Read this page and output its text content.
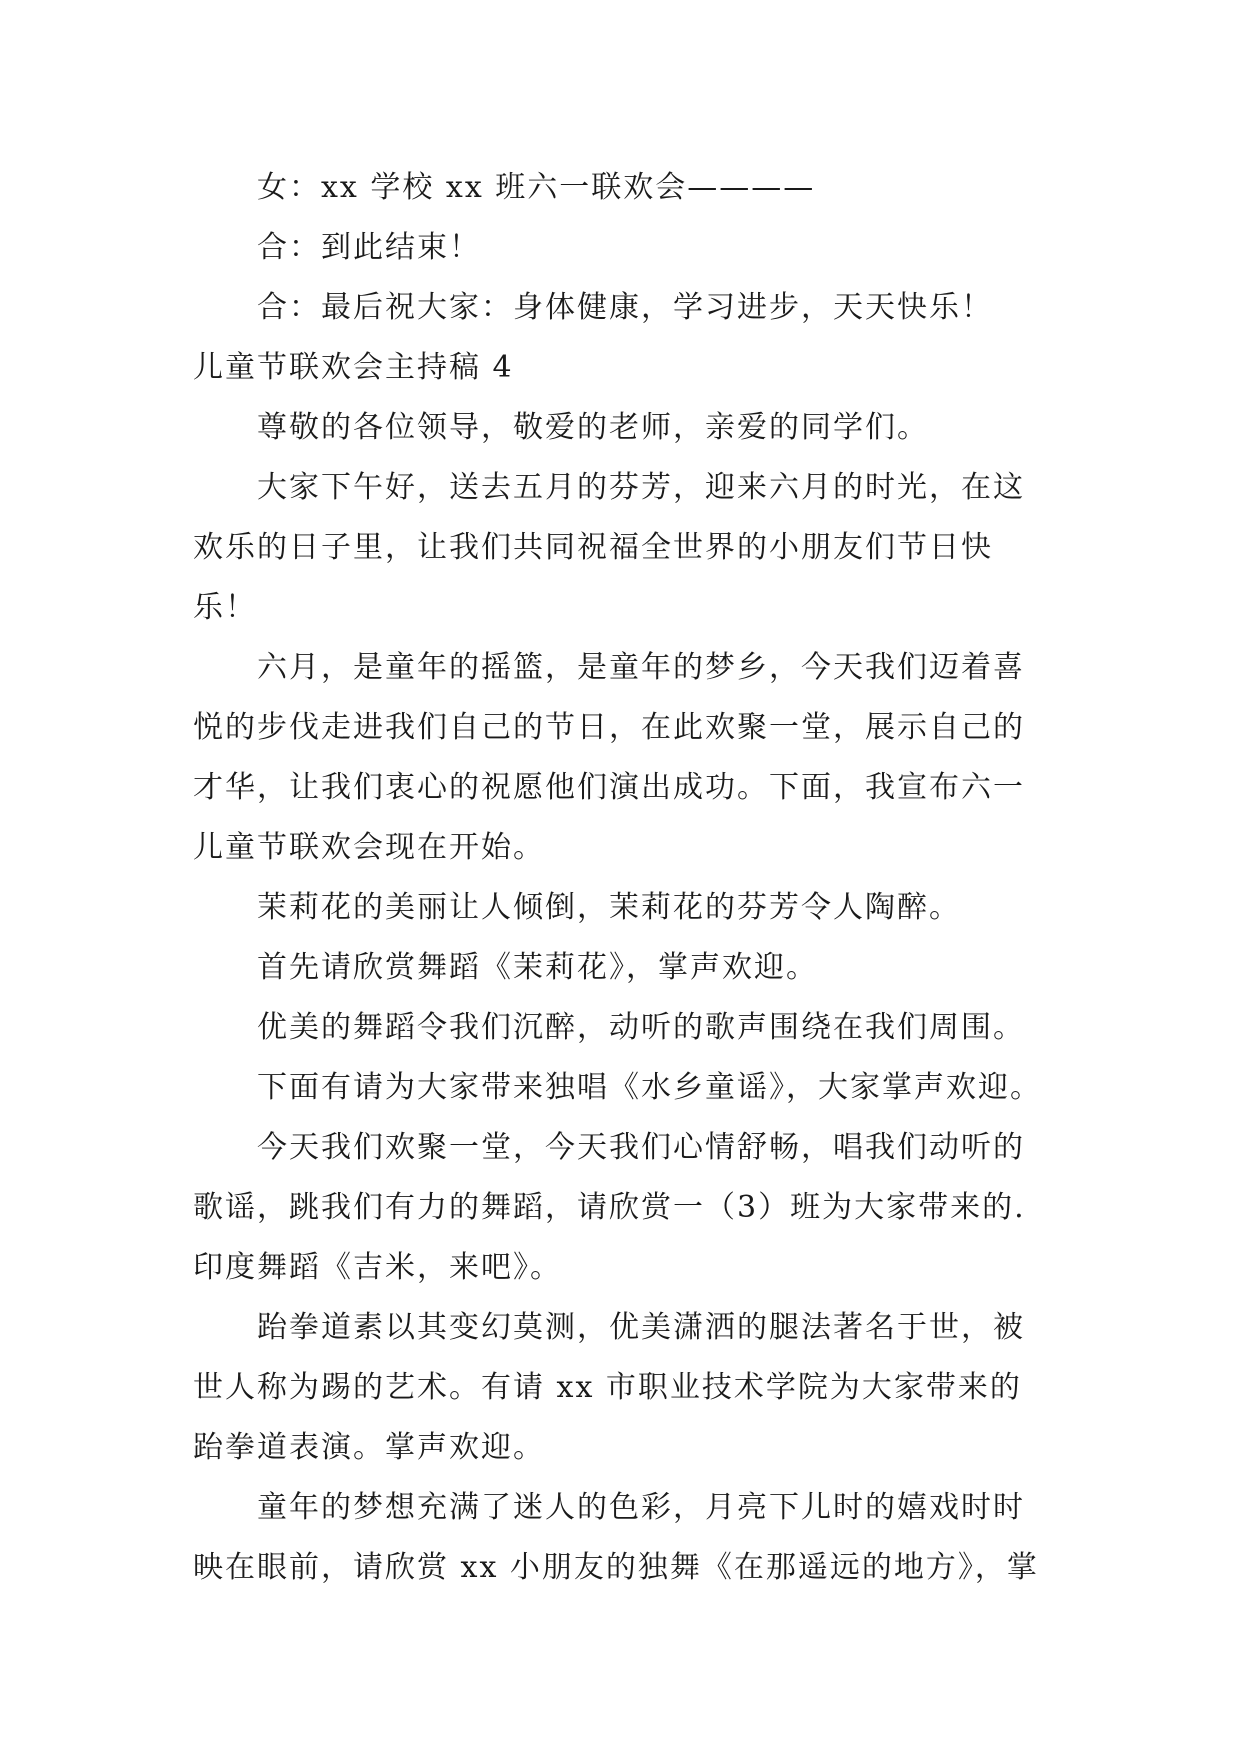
女：xx 学校 xx 班六一联欢会————
合：到此结束！
合：最后祝大家：身体健康，学习进步，天天快乐！
儿童节联欢会主持稿 4
尊敬的各位领导，敬爱的老师，亲爱的同学们。
大家下午好，送去五月的芬芳，迎来六月的时光，在这
欢乐的日子里，让我们共同祝福全世界的小朋友们节日快
乐！
六月，是童年的摇篮，是童年的梦乡，今天我们迈着喜
悦的步伐走进我们自己的节日，在此欢聚一堂，展示自己的
才华，让我们衷心的祝愿他们演出成功。下面，我宣布六一
儿童节联欢会现在开始。
茉莉花的美丽让人倾倒，茉莉花的芬芳令人陶醉。
首先请欣赏舞蹈《茉莉花》，掌声欢迎。
优美的舞蹈令我们沉醉，动听的歌声围绕在我们周围。
下面有请为大家带来独唱《水乡童谣》，大家掌声欢迎。
今天我们欢聚一堂，今天我们心情舒畅，唱我们动听的
歌谣，跳我们有力的舞蹈，请欣赏一（3）班为大家带来的.
印度舞蹈《吉米，来吧》。
跆拳道素以其变幻莫测，优美潇洒的腿法著名于世，被
世人称为踢的艺术。有请 xx 市职业技术学院为大家带来的
跆拳道表演。掌声欢迎。
童年的梦想充满了迷人的色彩，月亮下儿时的嬉戏时时
映在眼前，请欣赏 xx 小朋友的独舞《在那遥远的地方》，掌
